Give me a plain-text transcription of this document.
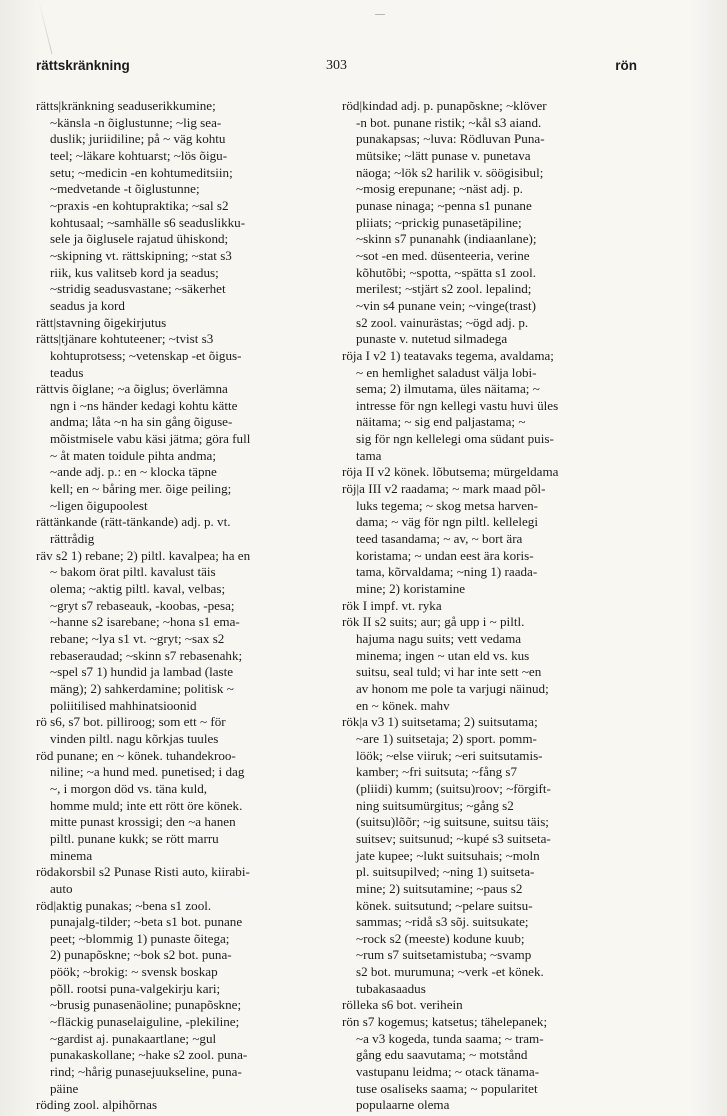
rättskränkning	303	rön
rätts|kränkning seaduserikkumine;
~känsla -n õiglustunne; ~lig sea-
duslik; juriidiline; på ~ väg kohtu
teel; ~läkare kohtuarst; ~lös õigu-
setu; ~medicin -en kohtumeditsiin;
~medvetande -t õiglustunne;
~praxis -en kohtupraktika; ~sal s2
kohtusaal; ~samhälle s6 seaduslikku-
sele ja õiglusele rajatud ühiskond;
~skipning vt. rättskipning; ~stat s3
riik, kus valitseb kord ja seadus;
~stridig seadusvastane; ~säkerhet
seadus ja kord
rätt|stavning õigekirjutus
rätts|tjänare kohtuteener; ~tvist s3
kohtuprotsess; ~vetenskap -et õigus-
teadus
rättvis õiglane; ~a õiglus; överlämna
ngn i ~ns händer kedagi kohtu kätte
andma; låta ~n ha sin gång õiguse-
mõistmisele vabu käsi jätma; göra full
~ åt maten toidule pihta andma;
~ande adj. p.: en ~ klocka täpne
kell; en ~ båring mer. õige peiling;
~ligen õigupoolest
rättänkande (rätt-tänkande) adj. p. vt.
rättrådig
räv s2 1) rebane; 2) piltl. kavalpea; ha en
~ bakom örat piltl. kavalust täis
olema; ~aktig piltl. kaval, velbas;
~gryt s7 rebaseauk, -koobas, -pesa;
~hanne s2 isarebane; ~hona s1 ema-
rebane; ~lya s1 vt. ~gryt; ~sax s2
rebaseraudad; ~skinn s7 rebasenahk;
~spel s7 1) hundid ja lambad (laste
mäng); 2) sahkerdamine; politisk ~
poliitilised mahhinatsioonid
rö s6, s7 bot. pilliroog; som ett ~ för
vinden piltl. nagu kõrkjas tuules
röd punane; en ~ könek. tuhandekroo-
niline; ~a hund med. punetised; i dag
~, i morgon död vs. täna kuld,
homme muld; inte ett rött öre könek.
mitte punast krossigi; den ~a hanen
piltl. punane kukk; se rött marru
minema
rödakorsbil s2 Punase Risti auto, kiirabi-
auto
röd|aktig punakas; ~bena s1 zool.
punajalg-tilder; ~beta s1 bot. punane
peet; ~blommig 1) punaste õitega;
2) punapõskne; ~bok s2 bot. puna-
pöök; ~brokig: ~ svensk boskap
põll. rootsi puna-valgekirju kari;
~brusig punasenäoline; punapõskne;
~fläckig punaselaiguline, -plekiline;
~gardist aj. punakaartlane; ~gul
punakaskollane; ~hake s2 zool. puna-
rind; ~hårig punasejuukseline, puna-
päine
röding zool. alpihõrnas
röd|kindad adj. p. punapõskne; ~klöver
-n bot. punane ristik; ~kål s3 aiand.
punakapsas; ~luva: Rödluvan Puna-
mütsike; ~lätt punase v. punetava
näoga; ~lök s2 harilik v. söögisibul;
~mosig erepunane; ~näst adj. p.
punase ninaga; ~penna s1 punane
pliiats; ~prickig punasetäpiline;
~skinn s7 punanahk (indiaanlane);
~sot -en med. düsenteeria, verine
kõhutõbi; ~spotta, ~spätta s1 zool.
merilest; ~stjärt s2 zool. lepalind;
~vin s4 punane vein; ~vinge(trast)
s2 zool. vainurästas; ~ögd adj. p.
punaste v. nutetud silmadega
röja I v2 1) teatavaks tegema, avaldama;
~ en hemlighet saladust välja lobi-
sema; 2) ilmutama, üles näitama; ~
intresse för ngn kellegi vastu huvi üles
näitama; ~ sig end paljastama; ~
sig för ngn kellelegi oma südant puis-
tama
röja II v2 könek. lõbutsema; mürgeldama
röj|a III v2 raadama; ~ mark maad põl-
luks tegema; ~ skog metsa harven-
dama; ~ väg för ngn piltl. kellelegi
teed tasandama; ~ av, ~ bort ära
koristama; ~ undan eest ära koris-
tama, kõrvaldama; ~ning 1) raada-
mine; 2) koristamine
rök I impf. vt. ryka
rök II s2 suits; aur; gå upp i ~ piltl.
hajuma nagu suits; vett vedama
minema; ingen ~ utan eld vs. kus
suitsu, seal tuld; vi har inte sett ~en
av honom me pole ta varjugi näinud;
en ~ könek. mahv
rök|a v3 1) suitsetama; 2) suitsutama;
~are 1) suitsetaja; 2) sport. pomm-
löök; ~else viiruk; ~eri suitsutamis-
kamber; ~fri suitsuta; ~fång s7
(pliidi) kumm; (suitsu)roov; ~förgift-
ning suitsumürgitus; ~gång s2
(suitsu)lõõr; ~ig suitsune, suitsu täis;
suitsev; suitsunud; ~kupé s3 suitseta-
jate kupee; ~lukt suitsuhais; ~moln
pl. suitsupilved; ~ning 1) suitseta-
mine; 2) suitsutamine; ~paus s2
könek. suitsutund; ~pelare suitsu-
sammas; ~ridå s3 sõj. suitsukate;
~rock s2 (meeste) kodune kuub;
~rum s7 suitsetamistuba; ~svamp
s2 bot. murumuna; ~verk -et könek.
tubakasaadus
rölleka s6 bot. verihein
rön s7 kogemus; katsetus; tähelepanek;
~a v3 kogeda, tunda saama; ~ tram-
gång edu saavutama; ~ motstånd
vastupanu leidma; ~ otack tänama-
tuse osaliseks saama; ~ popularitet
populaarne olema
